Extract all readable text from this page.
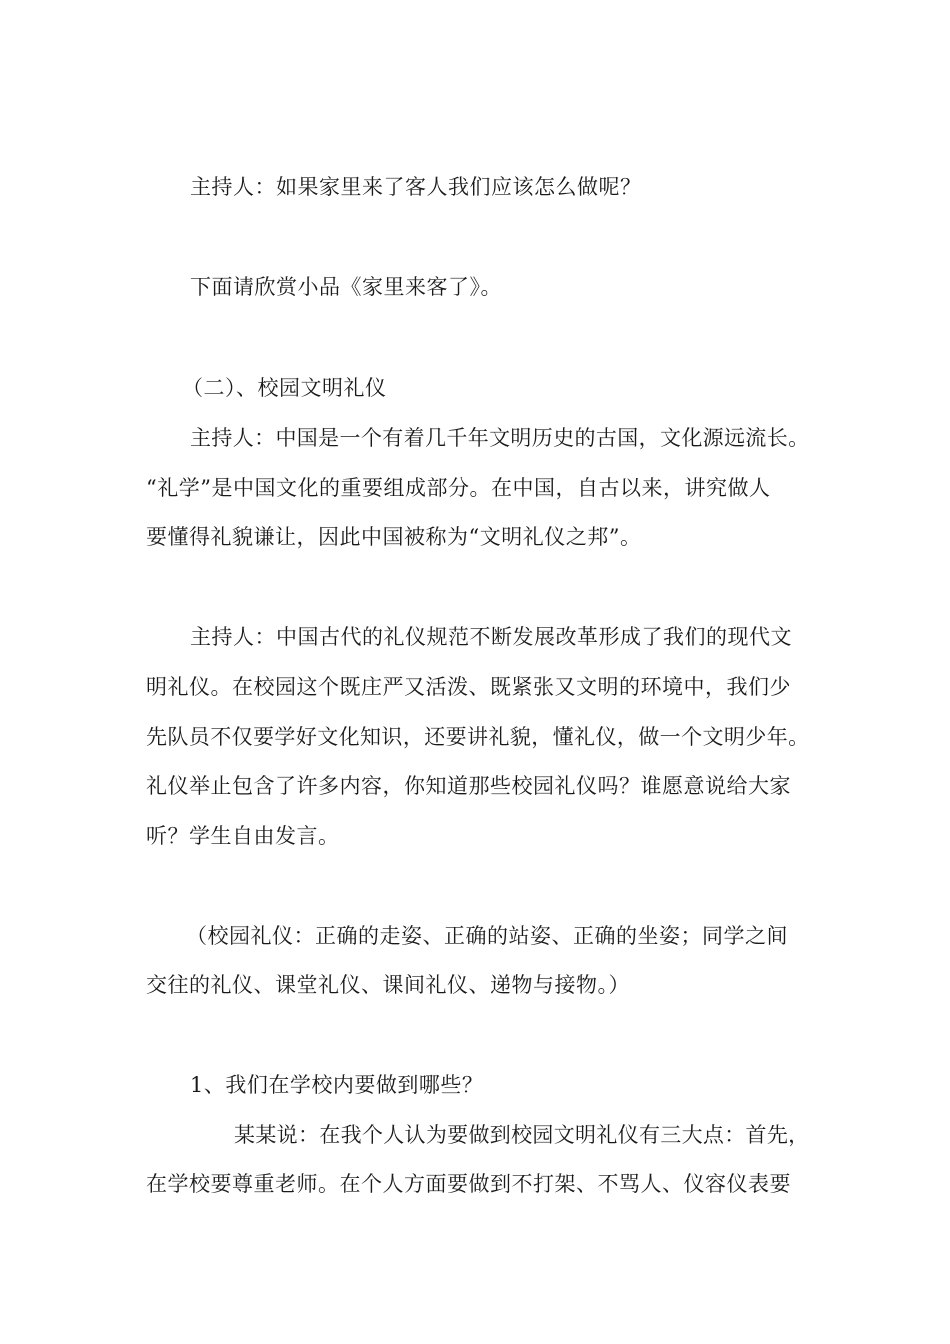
主持人：如果家里来了客人我们应该怎么做呢？
下面请欣赏小品《家里来客了》。
（二）、校园文明礼仪
主持人：中国是一个有着几千年文明历史的古国，文化源远流长。
“礼学”是中国文化的重要组成部分。在中国，自古以来，讲究做人
要懂得礼貌谦让，因此中国被称为“文明礼仪之邦”。
主持人：中国古代的礼仪规范不断发展改革形成了我们的现代文
明礼仪。在校园这个既庄严又活泼、既紧张又文明的环境中，我们少
先队员不仅要学好文化知识，还要讲礼貌，懂礼仪，做一个文明少年。
礼仪举止包含了许多内容，你知道那些校园礼仪吗？谁愿意说给大家
听？学生自由发言。
（校园礼仪：正确的走姿、正确的站姿、正确的坐姿；同学之间
交往的礼仪、课堂礼仪、课间礼仪、递物与接物。）
1、我们在学校内要做到哪些？
某某说：在我个人认为要做到校园文明礼仪有三大点：首先，
在学校要尊重老师。在个人方面要做到不打架、不骂人、仪容仪表要
